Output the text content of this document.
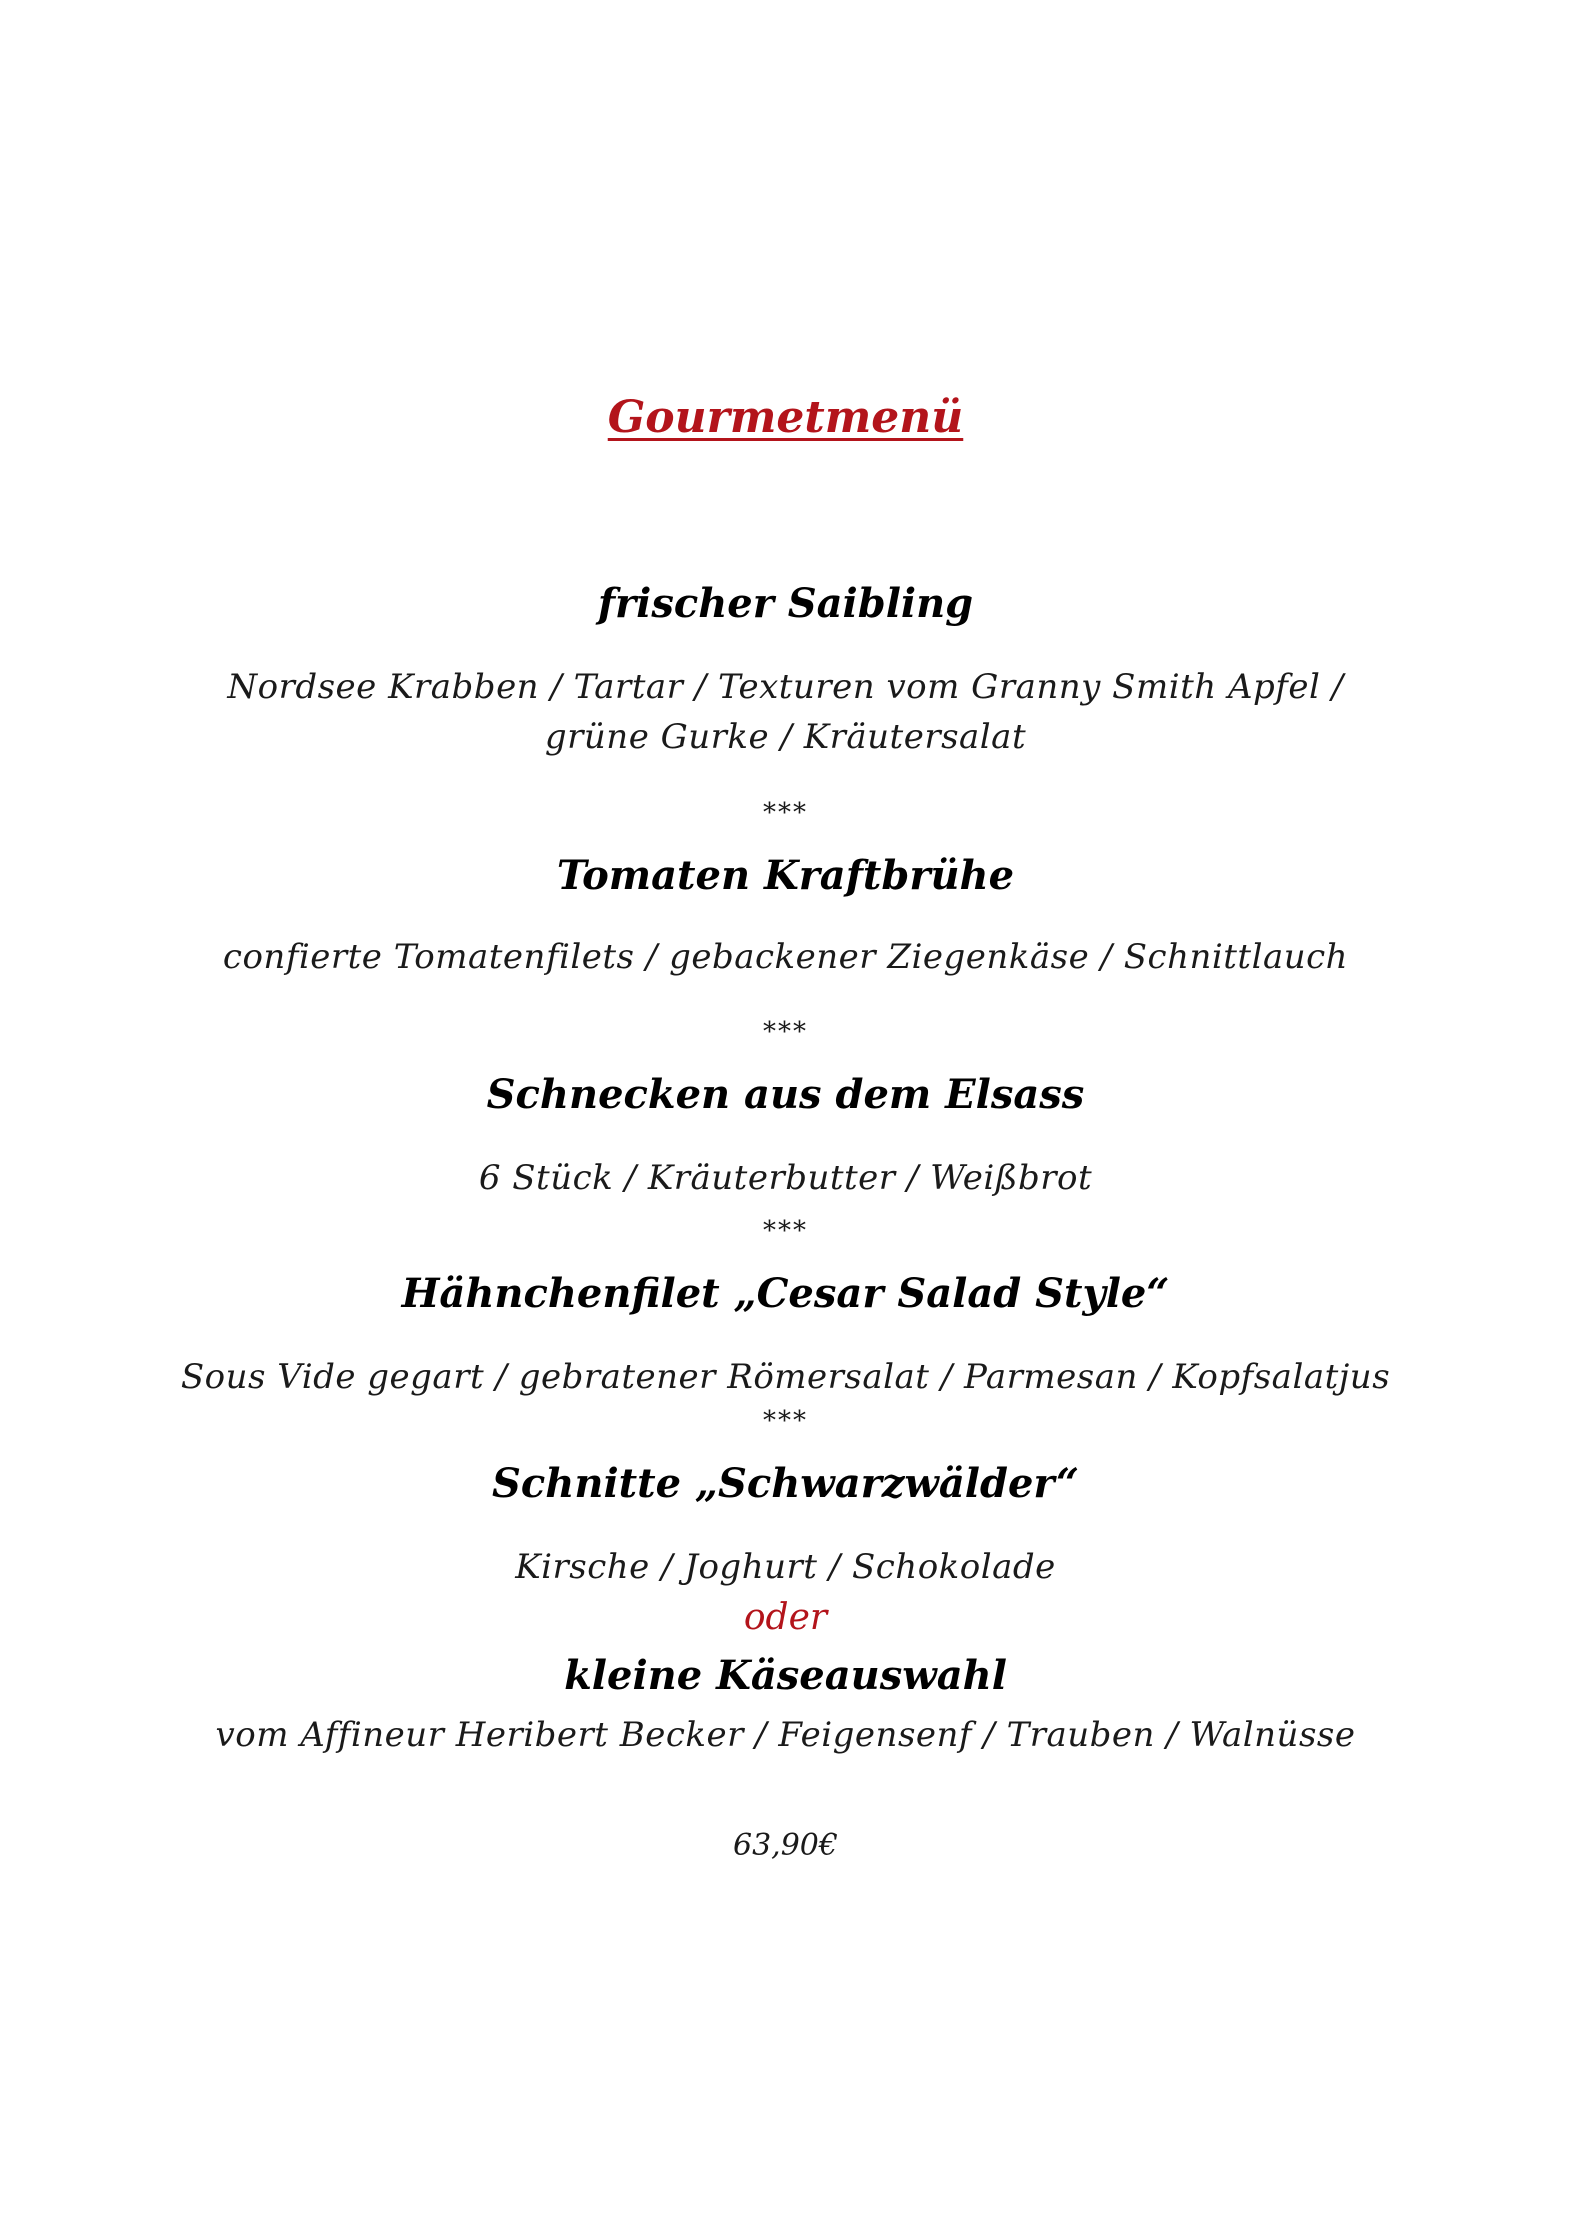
Gourmetmenü
frischer Saibling
Nordsee Krabben / Tartar / Texturen vom Granny Smith Apfel /
grüne Gurke / Kräutersalat
***
Tomaten Kraftbrühe
confierte Tomatenfilets / gebackener Ziegenkäse / Schnittlauch
***
Schnecken aus dem Elsass
6 Stück / Kräuterbutter / Weißbrot
***
Hähnchenfilet „Cesar Salad Style“
Sous Vide gegart / gebratener Römersalat / Parmesan / Kopfsalatjus
***
Schnitte „Schwarzwälder“
Kirsche / Joghurt / Schokolade
oder
kleine Käseauswahl
vom Affineur Heribert Becker / Feigensenf / Trauben / Walnüsse
63,90€
